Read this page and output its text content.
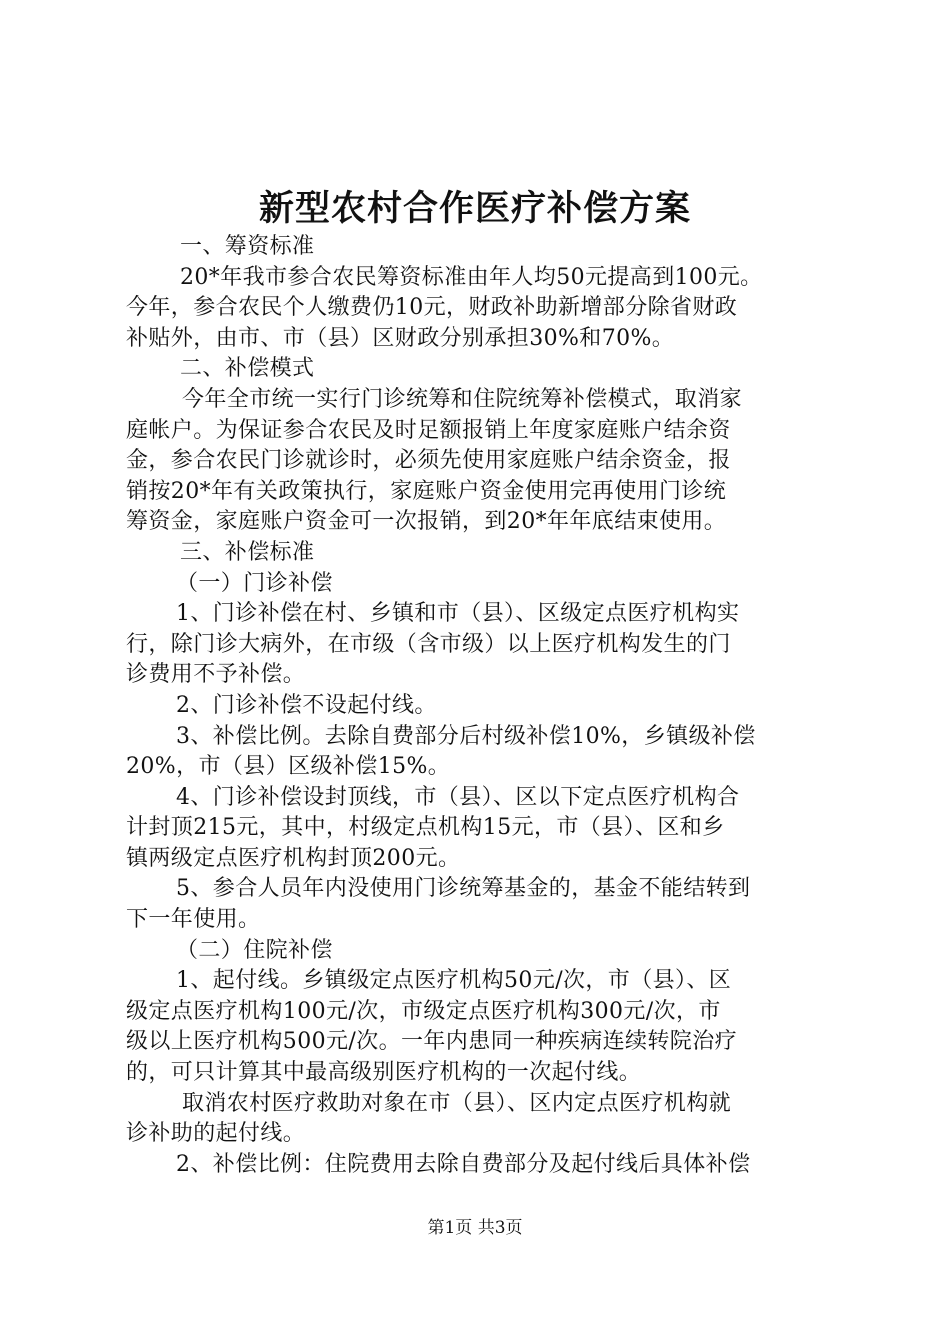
新型农村合作医疗补偿方案
一、筹资标准
20*年我市参合农民筹资标准由年人均50元提高到100元。
今年，参合农民个人缴费仍10元，财政补助新增部分除省财政
补贴外，由市、市（县）区财政分别承担30%和70%。
二、补偿模式
今年全市统一实行门诊统筹和住院统筹补偿模式，取消家
庭帐户。为保证参合农民及时足额报销上年度家庭账户结余资
金，参合农民门诊就诊时，必须先使用家庭账户结余资金，报
销按20*年有关政策执行，家庭账户资金使用完再使用门诊统
筹资金，家庭账户资金可一次报销，到20*年年底结束使用。
三、补偿标准
（一）门诊补偿
1、门诊补偿在村、乡镇和市（县）、区级定点医疗机构实
行，除门诊大病外，在市级（含市级）以上医疗机构发生的门
诊费用不予补偿。
2、门诊补偿不设起付线。
3、补偿比例。去除自费部分后村级补偿10%，乡镇级补偿
20%，市（县）区级补偿15%。
4、门诊补偿设封顶线，市（县）、区以下定点医疗机构合
计封顶215元，其中，村级定点机构15元，市（县）、区和乡
镇两级定点医疗机构封顶200元。
5、参合人员年内没使用门诊统筹基金的，基金不能结转到
下一年使用。
（二）住院补偿
1、起付线。乡镇级定点医疗机构50元/次，市（县）、区
级定点医疗机构100元/次，市级定点医疗机构300元/次，市
级以上医疗机构500元/次。一年内患同一种疾病连续转院治疗
的，可只计算其中最高级别医疗机构的一次起付线。
取消农村医疗救助对象在市（县）、区内定点医疗机构就
诊补助的起付线。
2、补偿比例：住院费用去除自费部分及起付线后具体补偿
第1页 共3页
